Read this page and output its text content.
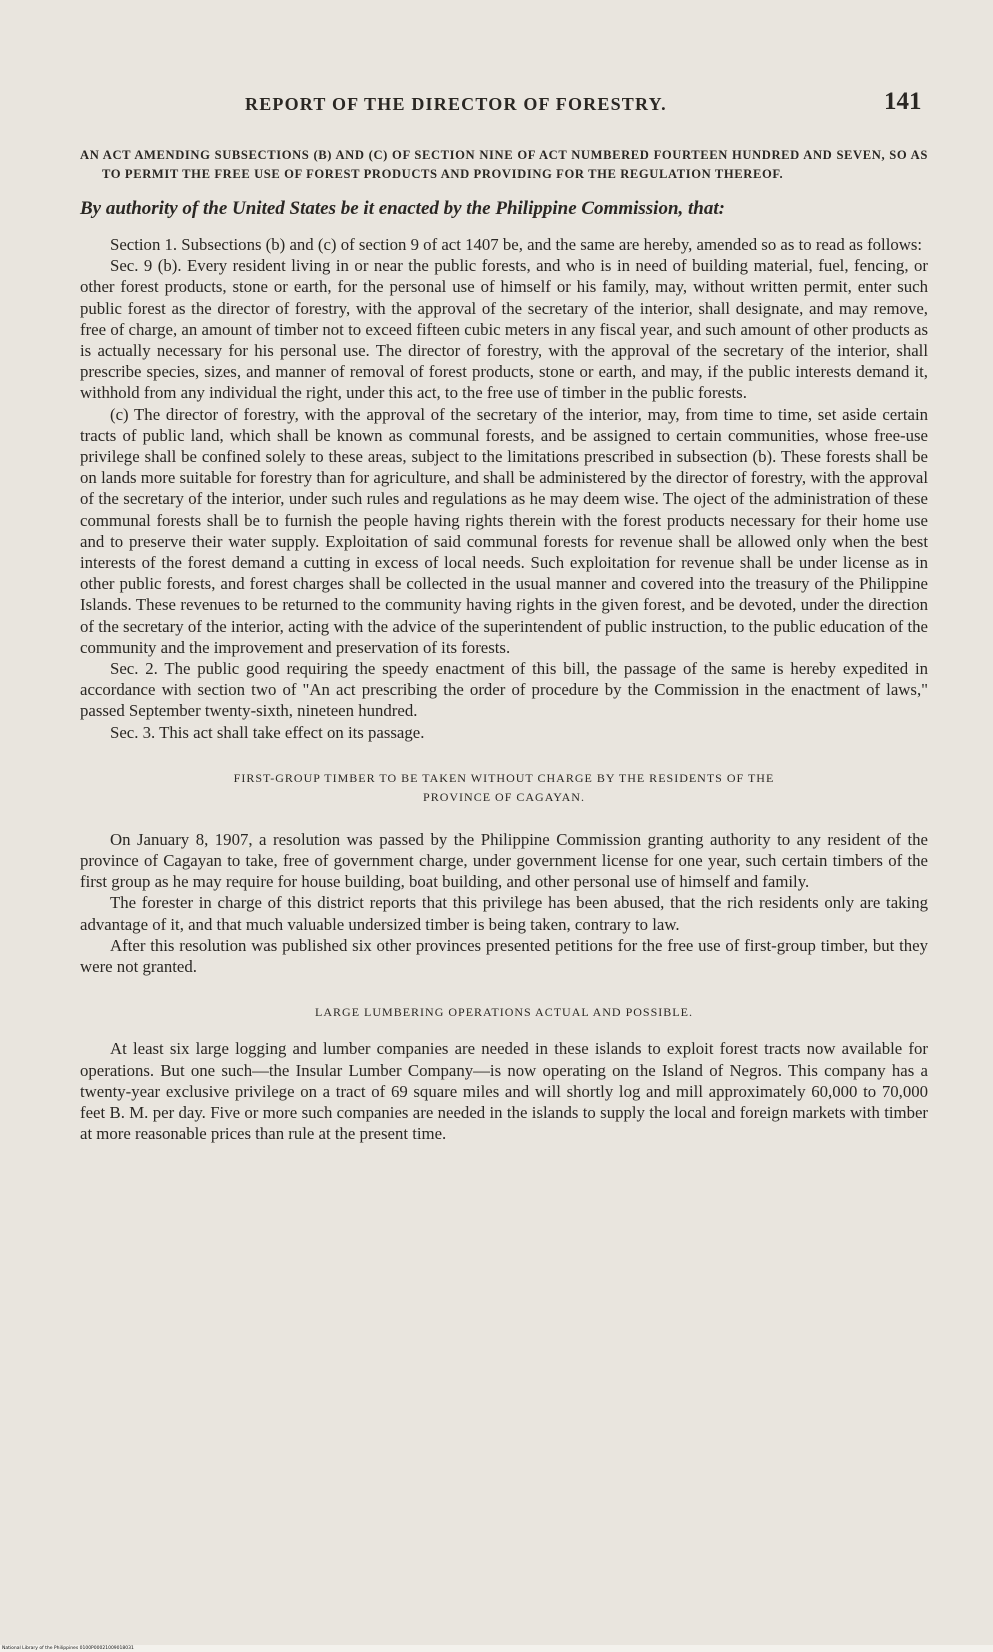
REPORT OF THE DIRECTOR OF FORESTRY.	141
AN ACT AMENDING SUBSECTIONS (B) AND (C) OF SECTION NINE OF ACT NUMBERED FOURTEEN HUNDRED AND SEVEN, SO AS TO PERMIT THE FREE USE OF FOREST PRODUCTS AND PROVIDING FOR THE REGULATION THEREOF.
By authority of the United States be it enacted by the Philippine Commission, that:

Section 1. Subsections (b) and (c) of section 9 of act 1407 be, and the same are hereby, amended so as to read as follows:

Sec. 9 (b). Every resident living in or near the public forests, and who is in need of building material, fuel, fencing, or other forest products, stone or earth, for the personal use of himself or his family, may, without written permit, enter such public forest as the director of forestry, with the approval of the secretary of the interior, shall designate, and may remove, free of charge, an amount of timber not to exceed fifteen cubic meters in any fiscal year, and such amount of other products as is actually necessary for his personal use. The director of forestry, with the approval of the secretary of the interior, shall prescribe species, sizes, and manner of removal of forest products, stone or earth, and may, if the public interests demand it, withhold from any individual the right, under this act, to the free use of timber in the public forests.

(c) The director of forestry, with the approval of the secretary of the interior, may, from time to time, set aside certain tracts of public land, which shall be known as communal forests, and be assigned to certain communities, whose free-use privilege shall be confined solely to these areas, subject to the limitations prescribed in subsection (b). These forests shall be on lands more suitable for forestry than for agriculture, and shall be administered by the director of forestry, with the approval of the secretary of the interior, under such rules and regulations as he may deem wise. The oject of the administration of these communal forests shall be to furnish the people having rights therein with the forest products necessary for their home use and to preserve their water supply. Exploitation of said communal forests for revenue shall be allowed only when the best interests of the forest demand a cutting in excess of local needs. Such exploitation for revenue shall be under license as in other public forests, and forest charges shall be collected in the usual manner and covered into the treasury of the Philippine Islands. These revenues to be returned to the community having rights in the given forest, and be devoted, under the direction of the secretary of the interior, acting with the advice of the superintendent of public instruction, to the public education of the community and the improvement and preservation of its forests.

Sec. 2. The public good requiring the speedy enactment of this bill, the passage of the same is hereby expedited in accordance with section two of "An act prescribing the order of procedure by the Commission in the enactment of laws," passed September twenty-sixth, nineteen hundred.

Sec. 3. This act shall take effect on its passage.

FIRST-GROUP TIMBER TO BE TAKEN WITHOUT CHARGE BY THE RESIDENTS OF THE
PROVINCE OF CAGAYAN.

On January 8, 1907, a resolution was passed by the Philippine Commission granting authority to any resident of the province of Cagayan to take, free of government charge, under government license for one year, such certain timbers of the first group as he may require for house building, boat building, and other personal use of himself and family.

The forester in charge of this district reports that this privilege has been abused, that the rich residents only are taking advantage of it, and that much valuable undersized timber is being taken, contrary to law.

After this resolution was published six other provinces presented petitions for the free use of first-group timber, but they were not granted.

LARGE LUMBERING OPERATIONS ACTUAL AND POSSIBLE.

At least six large logging and lumber companies are needed in these islands to exploit forest tracts now available for operations. But one such—the Insular Lumber Company—is now operating on the Island of Negros. This company has a twenty-year exclusive privilege on a tract of 69 square miles and will shortly log and mill approximately 60,000 to 70,000 feet B. M. per day. Five or more such companies are needed in the islands to supply the local and foreign markets with timber at more reasonable prices than rule at the present time.

National Library of the Philippines 0100P00021009018031
